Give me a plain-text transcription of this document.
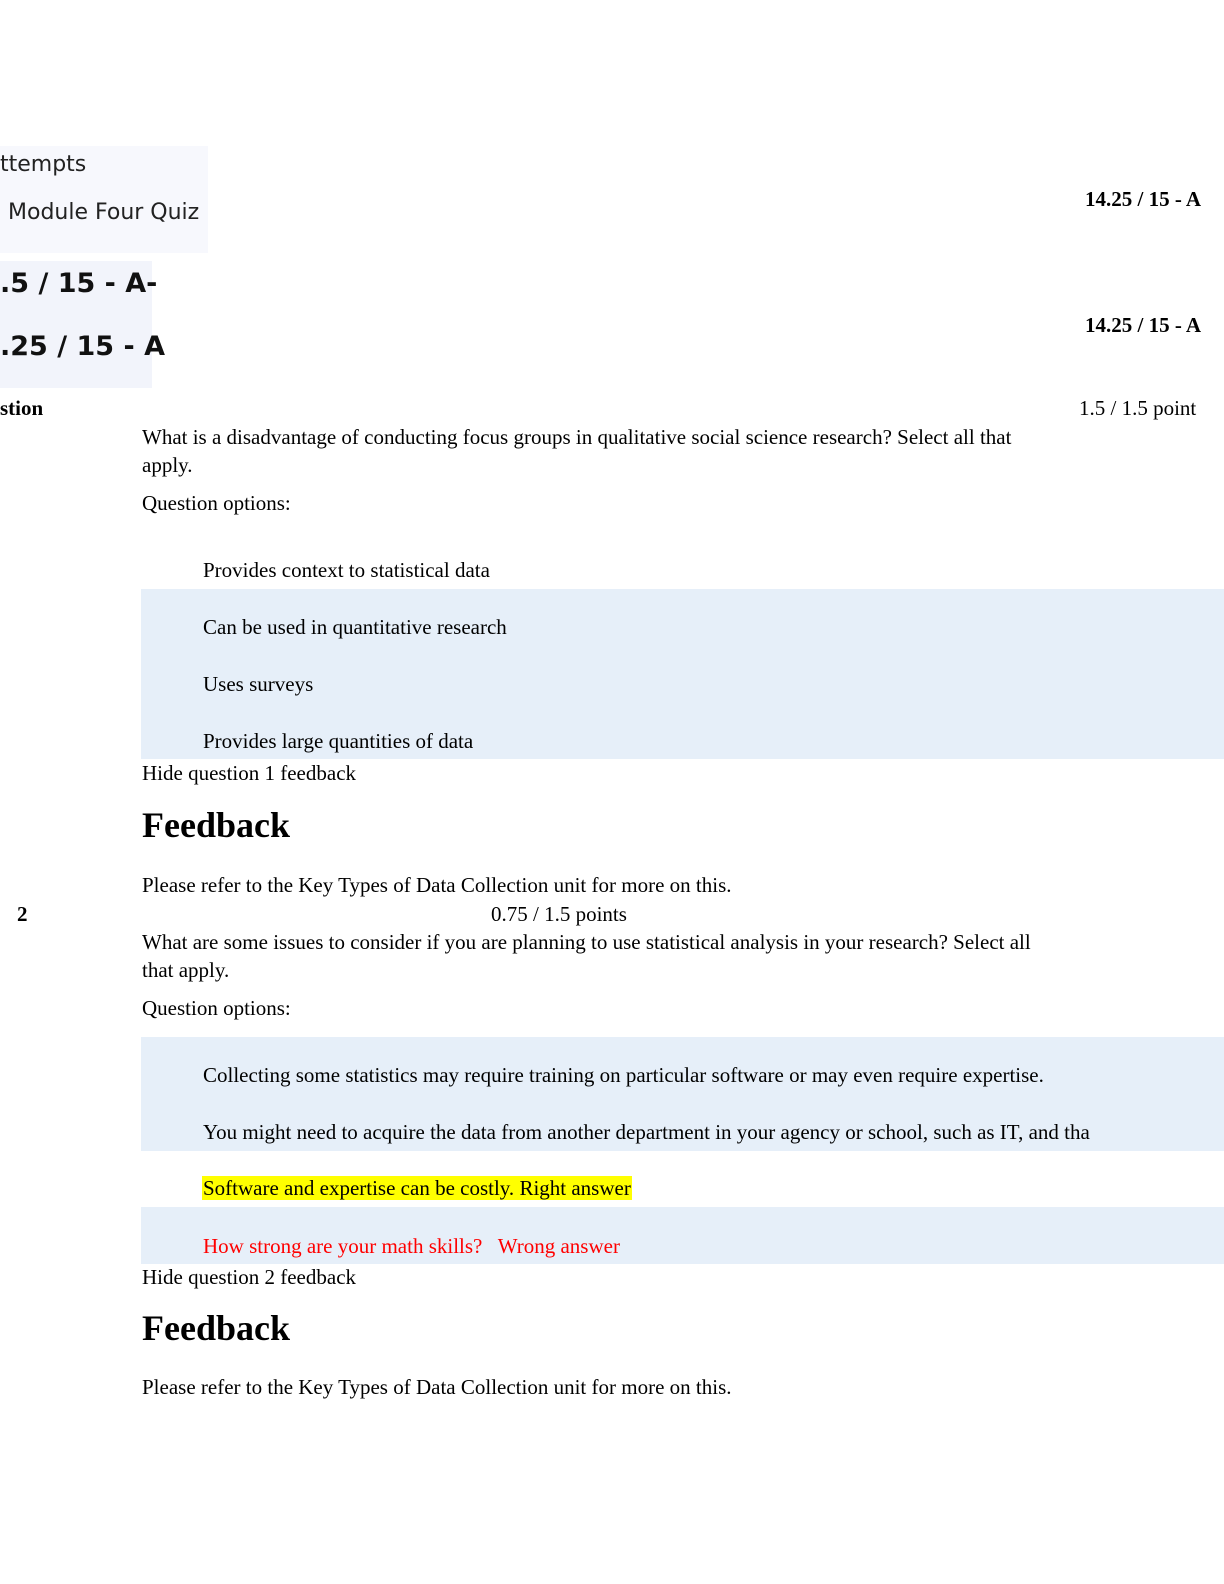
ttempts
Module Four Quiz
.5 / 15 - A-
.25 / 15 - A
14.25 / 15 - A
14.25 / 15 - A
stion	1.5 / 1.5 point
What is a disadvantage of conducting focus groups in qualitative social science research? Select all that apply.
Question options:
Provides context to statistical data
Can be used in quantitative research
Uses surveys
Provides large quantities of data
Hide question 1 feedback
Feedback
Please refer to the Key Types of Data Collection unit for more on this.
2	0.75 / 1.5 points
What are some issues to consider if you are planning to use statistical analysis in your research? Select all that apply.
Question options:
Collecting some statistics may require training on particular software or may even require expertise.
You might need to acquire the data from another department in your agency or school, such as IT, and tha
Software and expertise can be costly. Right answer
How strong are your math skills? Wrong answer
Hide question 2 feedback
Feedback
Please refer to the Key Types of Data Collection unit for more on this.
